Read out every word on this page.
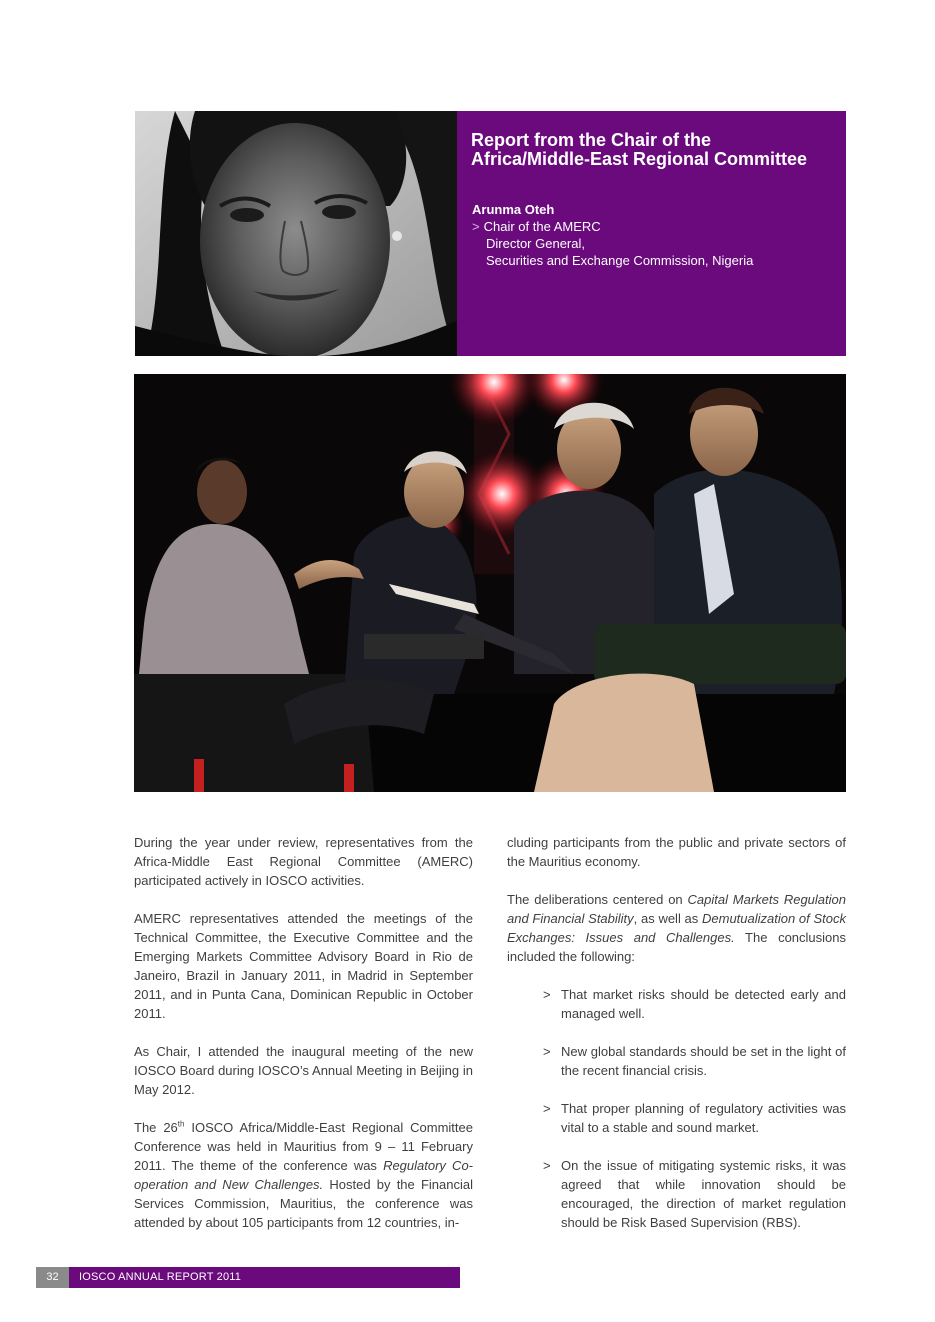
Report from the Chair of the
Africa/Middle-East Regional Committee
Arunma Oteh
> Chair of the AMERC
Director General,
Securities and Exchange Commission, Nigeria

During the year under review, representatives from the Africa-Middle East Regional Committee (AMERC) participated actively in IOSCO activities.

AMERC representatives attended the meetings of the Technical Committee, the Executive Committee and the Emerging Markets Committee Advisory Board in Rio de Janeiro, Brazil in January 2011, in Madrid in September 2011, and in Punta Cana, Dominican Republic in October 2011.

As Chair, I attended the inaugural meeting of the new IOSCO Board during IOSCO’s Annual Meeting in Beijing in May 2012.

The 26th IOSCO Africa/Middle-East Regional Committee Conference was held in Mauritius from 9 – 11 February 2011. The theme of the conference was Regulatory Co-operation and New Challenges. Hosted by the Financial Services Commission, Mauritius, the conference was attended by about 105 participants from 12 countries, in-

cluding participants from the public and private sectors of the Mauritius economy.

The deliberations centered on Capital Markets Regulation and Financial Stability, as well as Demutualization of Stock Exchanges: Issues and Challenges. The conclusions included the following:

> That market risks should be detected early and managed well.
> New global standards should be set in the light of the recent financial crisis.
> That proper planning of regulatory activities was vital to a stable and sound market.
> On the issue of mitigating systemic risks, it was agreed that while innovation should be encouraged, the direction of market regulation should be Risk Based Supervision (RBS).
32	IOSCO ANNUAL REPORT 2011
